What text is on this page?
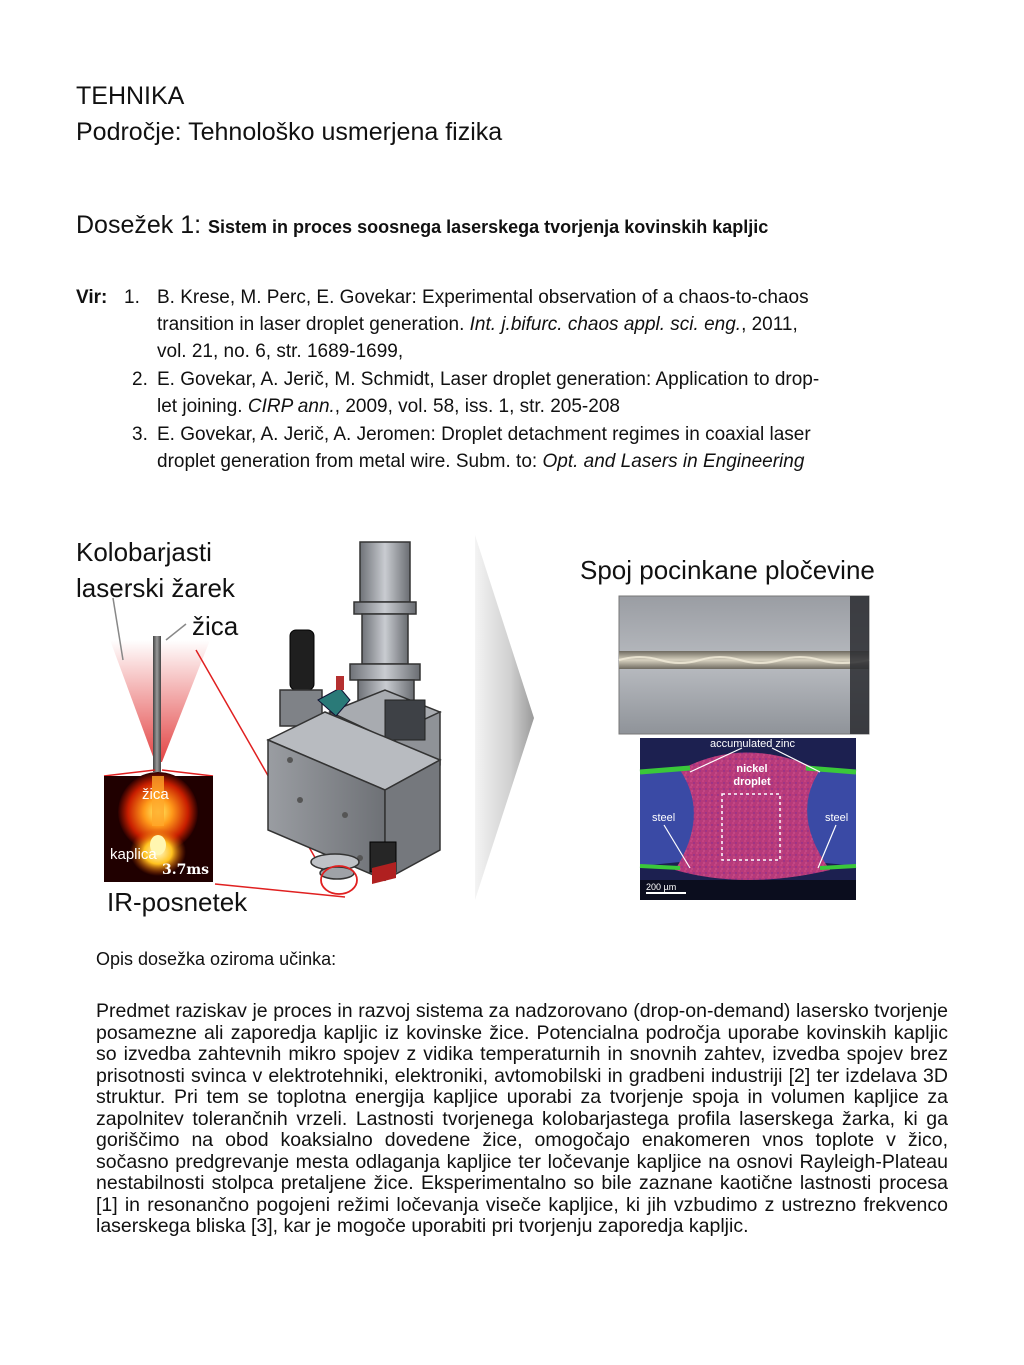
TEHNIKA
Področje: Tehnološko usmerjena fizika
Dosežek 1: Sistem in proces soosnega laserskega tvorjenja kovinskih kapljic
Vir: 1. B. Krese, M. Perc, E. Govekar: Experimental observation of a chaos-to-chaos
transition in laser droplet generation. Int. j.bifurc. chaos appl. sci. eng., 2011,
vol. 21, no. 6, str. 1689-1699,
2. E. Govekar, A. Jerič, M. Schmidt, Laser droplet generation: Application to drop-
let joining. CIRP ann., 2009, vol. 58, iss. 1, str. 205-208
3. E. Govekar, A. Jerič, A. Jeromen: Droplet detachment regimes in coaxial laser
droplet generation from metal wire. Subm. to: Opt. and Lasers in Engineering
Kolobarjasti
laserski žarek
žica
IR-posnetek
žica
kaplica
3.7ms
Spoj pocinkane pločevine
accumulated zinc
nickel
droplet
steel	steel
200 µm
Opis dosežka oziroma učinka:
Predmet raziskav je proces in razvoj sistema za nadzorovano (drop-on-demand) lasersko tvorjenje posamezne ali zaporedja kapljic iz kovinske žice. Potencialna področja uporabe kovinskih kapljic so izvedba zahtevnih mikro spojev z vidika temperaturnih in snovnih zahtev, izvedba spojev brez prisotnosti svinca v elektrotehniki, elektroniki, avtomobilski in gradbeni industriji [2] ter izdelava 3D struktur. Pri tem se toplotna energija kapljice uporabi za tvorjenje spoja in volumen kapljice za zapolnitev tolerančnih vrzeli. Lastnosti tvorjenega kolobarjastega profila laserskega žarka, ki ga goriščimo na obod koaksialno dovedene žice, omogočajo enakomeren vnos toplote v žico, sočasno predgrevanje mesta odlaganja kapljice ter ločevanje kapljice na osnovi Rayleigh-Plateau nestabilnosti stolpca pretaljene žice. Eksperimentalno so bile zaznane kaotične lastnosti procesa [1] in resonančno pogojeni režimi ločevanja viseče kapljice, ki jih vzbudimo z ustrezno frekvenco laserskega bliska [3], kar je mogoče uporabiti pri tvorjenju zaporedja kapljic.
